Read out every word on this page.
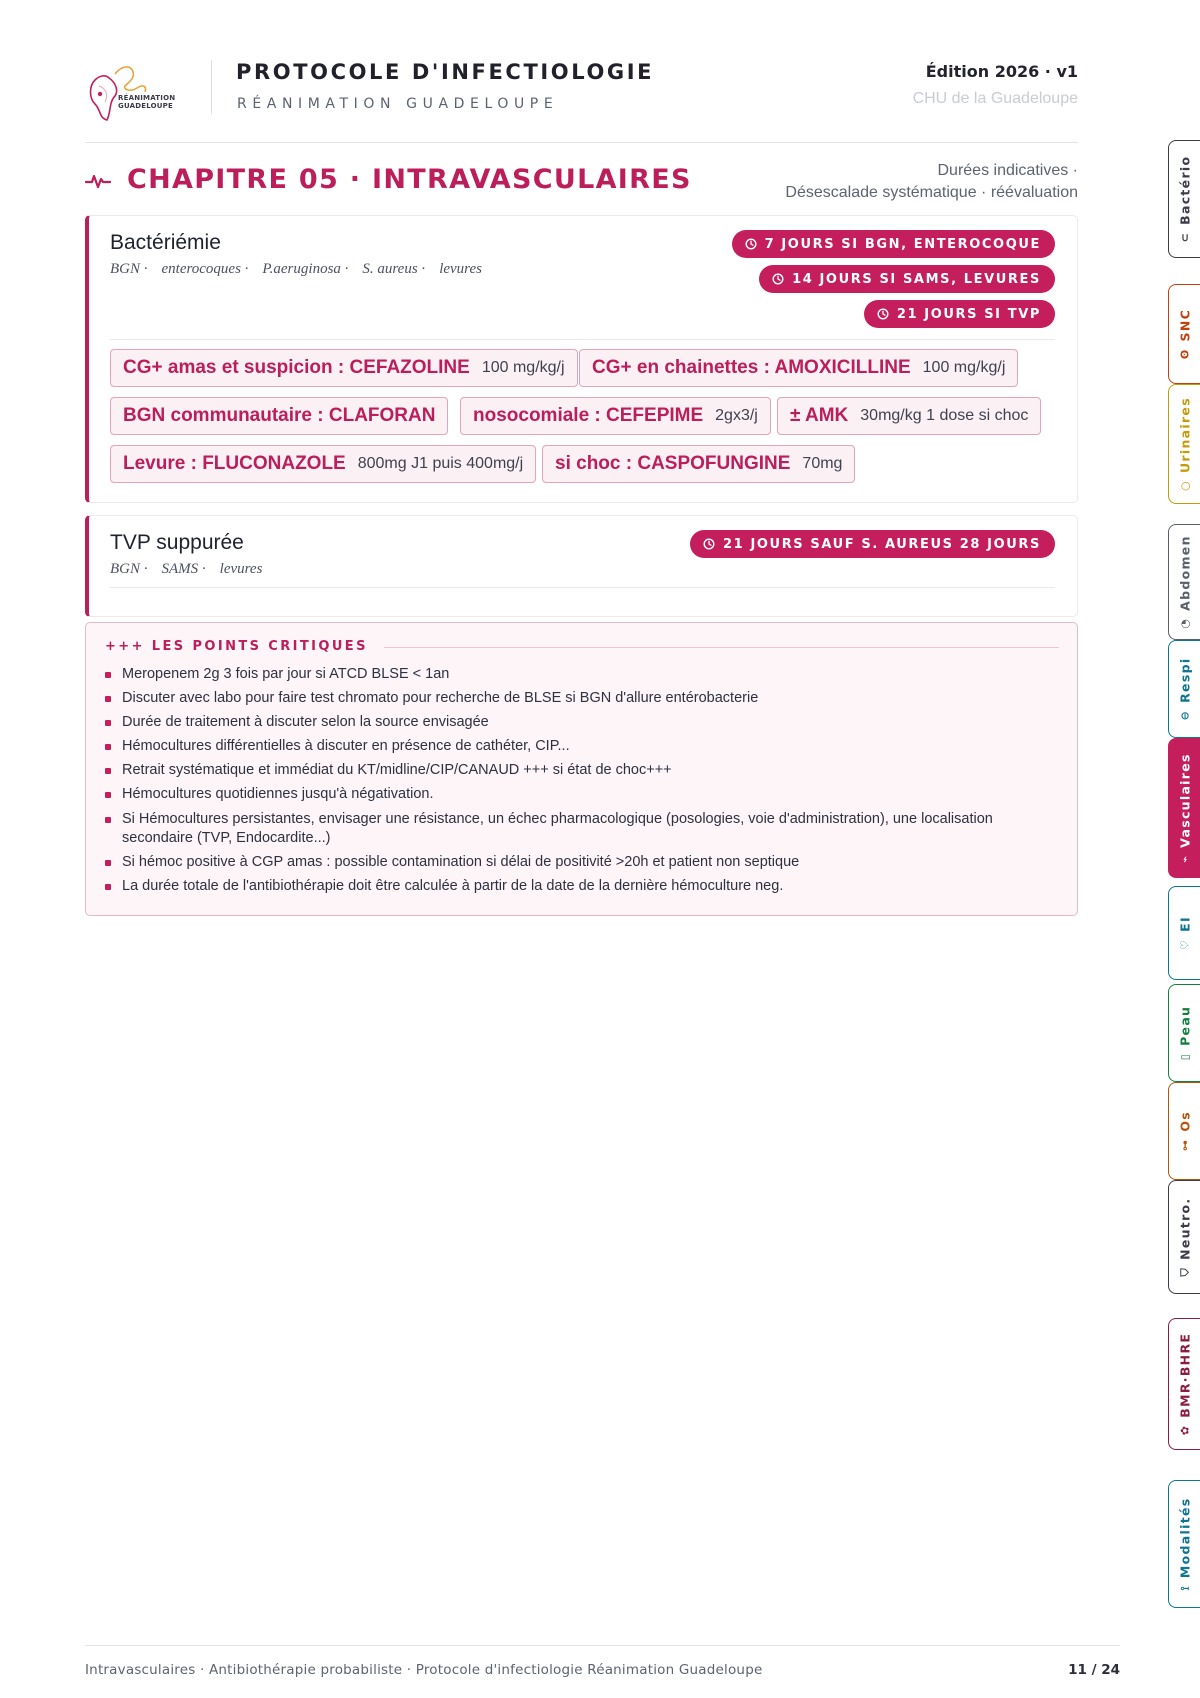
RÉANIMATION
GUADELOUPE
PROTOCOLE D'INFECTIOLOGIE
RÉANIMATION GUADELOUPE
Édition 2026 · v1
CHU de la Guadeloupe
CHAPITRE 05 · INTRAVASCULAIRES	Durées indicatives ·
Désescalade systématique · réévaluation
Bactériémie
BGN · enterocoques · P.aeruginosa · S. aureus · levures
7 JOURS SI BGN, ENTEROCOQUE
14 JOURS SI SAMS, LEVURES
21 JOURS SI TVP
CG+ amas et suspicion : CEFAZOLINE 100 mg/kg/j CG+ en chainettes : AMOXICILLINE 100 mg/kg/j
BGN communautaire : CLAFORAN nosocomiale : CEFEPIME 2gx3/j ± AMK 30mg/kg 1 dose si choc
Levure : FLUCONAZOLE 800mg J1 puis 400mg/j si choc : CASPOFUNGINE 70mg
TVP suppurée
BGN · SAMS · levures
21 JOURS SAUF S. AUREUS 28 JOURS
+++ LES POINTS CRITIQUES
Meropenem 2g 3 fois par jour si ATCD BLSE < 1an
Discuter avec labo pour faire test chromato pour recherche de BLSE si BGN d'allure entérobacterie
Durée de traitement à discuter selon la source envisagée
Hémocultures différentielles à discuter en présence de cathéter, CIP...
Retrait systématique et immédiat du KT/midline/CIP/CANAUD +++ si état de choc+++
Hémocultures quotidiennes jusqu'à négativation.
Si Hémocultures persistantes, envisager une résistance, un échec pharmacologique (posologies, voie d'administration), une localisation secondaire (TVP, Endocardite...)
Si hémoc positive à CGP amas : possible contamination si délai de positivité >20h et patient non septique
La durée totale de l'antibiothérapie doit être calculée à partir de la date de la dernière hémoculture neg.
⊂
Bactério
ʘ
SNC
○
Urinaires
◔
Abdomen
⊖
Respi
⌁
Vasculaires
♡
EI
▯
Peau
⊶
Os
⛉
Neutro.
✿
BMR·BHRE
⟟
Modalités
Intravasculaires · Antibiothérapie probabiliste · Protocole d'infectiologie Réanimation Guadeloupe	11 / 24
